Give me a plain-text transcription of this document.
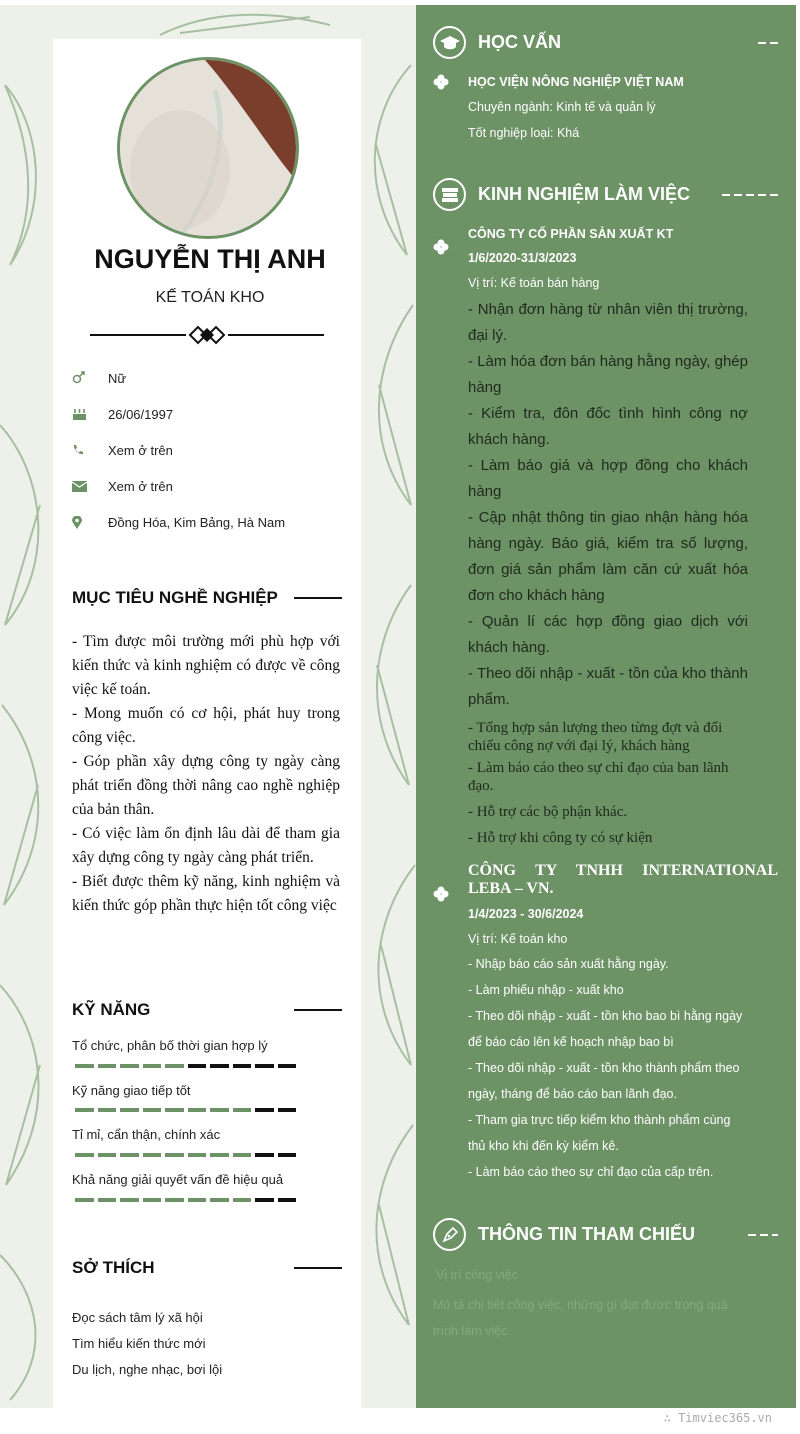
NGUYỄN THỊ ANH
KẾ TOÁN KHO
Nữ
26/06/1997
Xem ở trên
Xem ở trên
Đồng Hóa, Kim Bảng, Hà Nam
MỤC TIÊU NGHỀ NGHIỆP
- Tìm được môi trường mới phù hợp với kiến thức và kinh nghiệm có được về công việc kế toán.
- Mong muốn có cơ hội, phát huy trong công việc.
- Góp phần xây dựng công ty ngày càng phát triển đồng thời nâng cao nghề nghiệp của bản thân.
- Có việc làm ổn định lâu dài để tham gia xây dựng công ty ngày càng phát triển.
- Biết được thêm kỹ năng, kinh nghiệm và kiến thức góp phần thực hiện tốt công việc
KỸ NĂNG
Tổ chức, phân bố thời gian hợp lý
Kỹ năng giao tiếp tốt
Tỉ mỉ, cẩn thận, chính xác
Khả năng giải quyết vấn đề hiệu quả
SỞ THÍCH
Đọc sách tâm lý xã hội
Tìm hiểu kiến thức mới
Du lịch, nghe nhạc, bơi lội
HỌC VẤN
HỌC VIỆN NÔNG NGHIỆP VIỆT NAM
Chuyên ngành: Kinh tế và quản lý
Tốt nghiệp loại: Khá
KINH NGHIỆM LÀM VIỆC
CÔNG TY CỔ PHẦN SẢN XUẤT KT
1/6/2020-31/3/2023
Vị trí: Kế toán bán hàng
- Nhận đơn hàng từ nhân viên thị trường, đại lý.
- Làm hóa đơn bán hàng hằng ngày, ghép hàng
- Kiểm tra, đôn đốc tình hình công nợ khách hàng.
- Làm báo giá và hợp đồng cho khách hàng
- Cập nhật thông tin giao nhận hàng hóa hàng ngày. Báo giá, kiểm tra số lượng, đơn giá sản phẩm làm căn cứ xuất hóa đơn cho khách hàng
- Quản lí các hợp đồng giao dịch với khách hàng.
- Theo dõi nhập - xuất - tồn của kho thành phẩm.
- Tổng hợp sản lượng theo từng đợt và đối chiếu công nợ với đại lý, khách hàng
- Làm báo cáo theo sự chỉ đạo của ban lãnh đạo.
- Hỗ trợ các bộ phận khác.
- Hỗ trợ khi công ty có sự kiện
CÔNG TY TNHH INTERNATIONAL LEBA – VN.
1/4/2023 - 30/6/2024
Vị trí: Kế toán kho
- Nhập báo cáo sản xuất hằng ngày.
- Làm phiếu nhập - xuất kho
- Theo dõi nhập - xuất - tồn kho bao bì hằng ngày để báo cáo lên kế hoạch nhập bao bì
- Theo dõi nhập - xuất - tồn kho thành phẩm theo ngày, tháng để báo cáo ban lãnh đạo.
- Tham gia trực tiếp kiểm kho thành phẩm cùng thủ kho khi đến kỳ kiểm kê.
- Làm báo cáo theo sự chỉ đạo của cấp trên.
THÔNG TIN THAM CHIẾU
Vị trí công việc
Mô tả chi tiết công việc, những gì đạt được trong quá trình làm việc.
∴ Timviec365.vn
